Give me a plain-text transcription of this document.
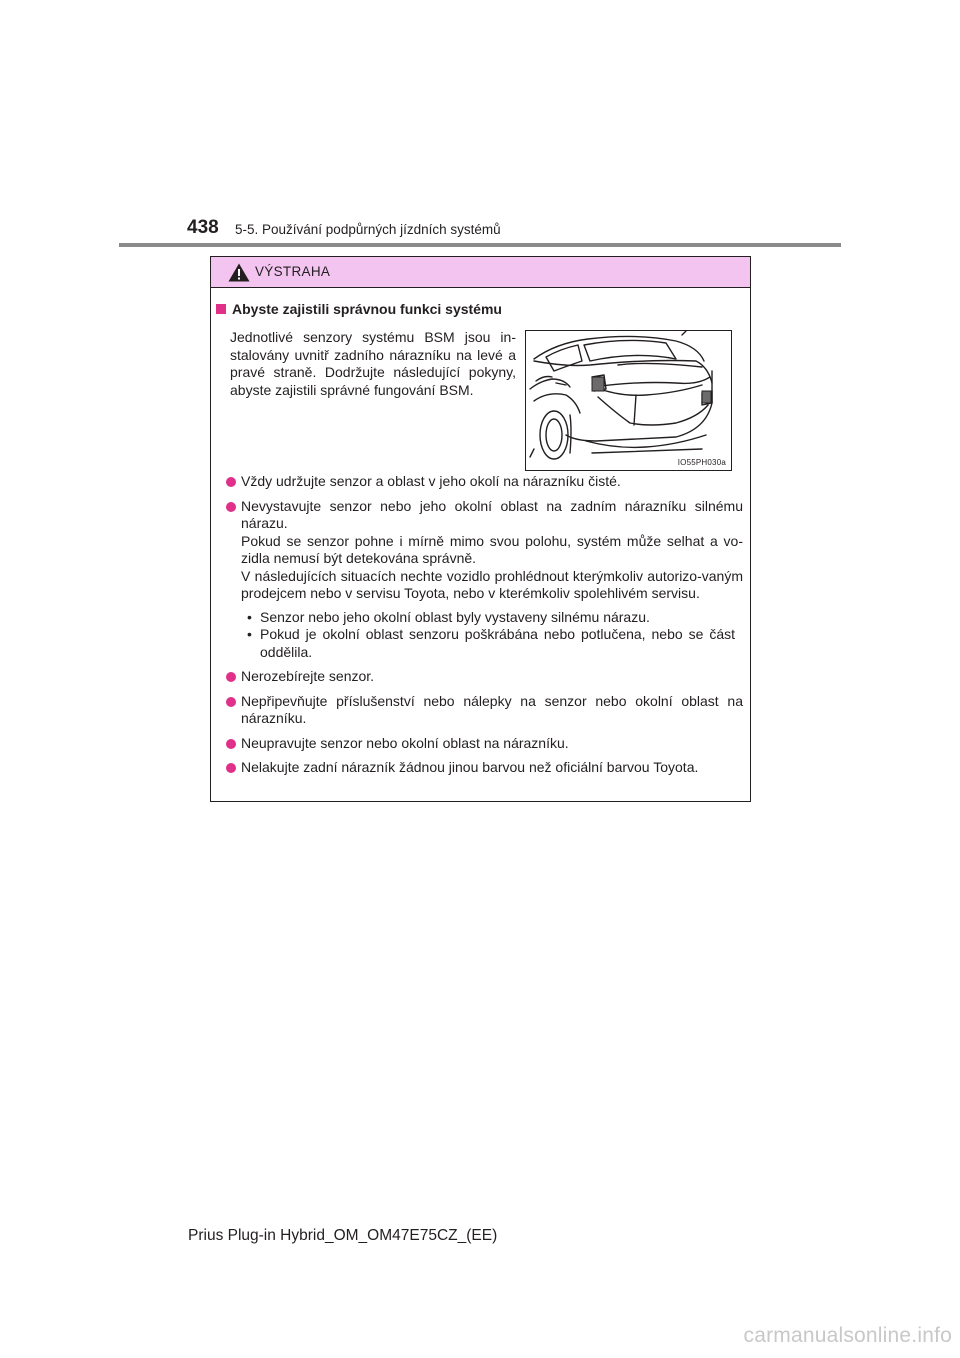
438 5-5. Používání podpůrných jízdních systémů
VÝSTRAHA
Abyste zajistili správnou funkci systému
Jednotlivé senzory systému BSM jsou in-stalovány uvnitř zadního nárazníku na levé a pravé straně. Dodržujte následující pokyny, abyste zajistili správné fungování BSM.
IO55PH030a

Vždy udržujte senzor a oblast v jeho okolí na nárazníku čisté.

Nevystavujte senzor nebo jeho okolní oblast na zadním nárazníku silnému nárazu.

Pokud se senzor pohne i mírně mimo svou polohu, systém může selhat a vo-zidla nemusí být detekována správně.

V následujících situacích nechte vozidlo prohlédnout kterýmkoliv autorizo-vaným prodejcem nebo v servisu Toyota, nebo v kterémkoliv spolehlivém servisu.

• Senzor nebo jeho okolní oblast byly vystaveny silnému nárazu.
• Pokud je okolní oblast senzoru poškrábána nebo potlučena, nebo se část oddělila.

Nerozebírejte senzor.

Nepřipevňujte příslušenství nebo nálepky na senzor nebo okolní oblast na nárazníku.

Neupravujte senzor nebo okolní oblast na nárazníku.

Nelakujte zadní nárazník žádnou jinou barvou než oficiální barvou Toyota.

Prius Plug-in Hybrid_OM_OM47E75CZ_(EE)
carmanualsonline.info
